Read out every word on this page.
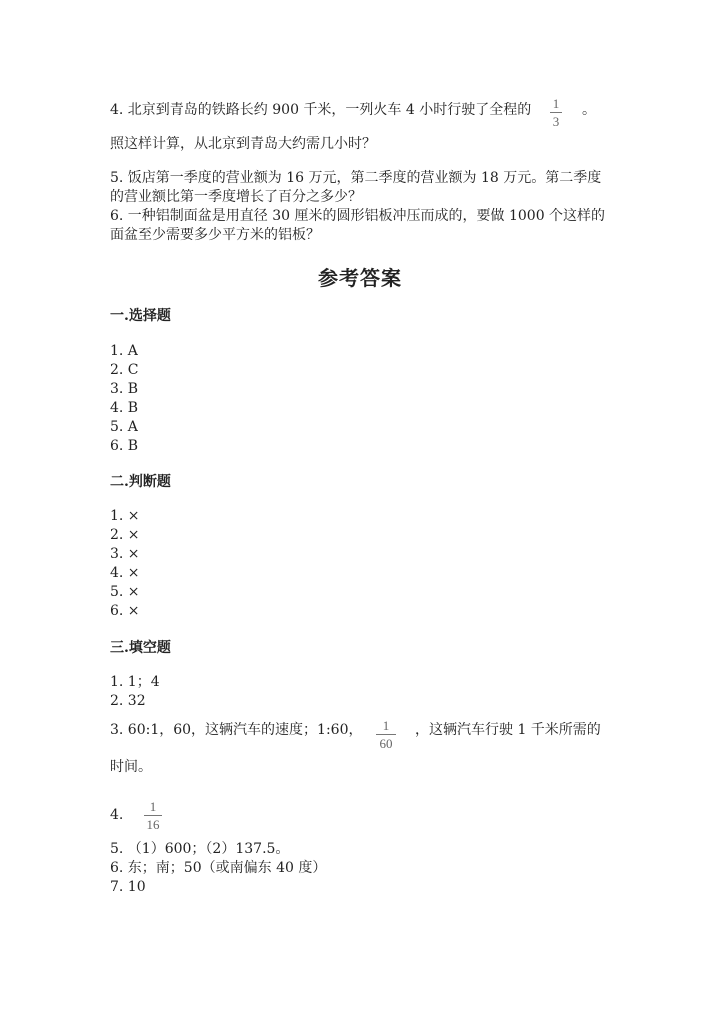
4. 北京到青岛的铁路长约 900 千米，一列火车 4 小时行驶了全程的 1
3
。
照这样计算，从北京到青岛大约需几小时？
5. 饭店第一季度的营业额为 16 万元，第二季度的营业额为 18 万元。第二季度
的营业额比第一季度增长了百分之多少？
6. 一种铝制面盆是用直径 30 厘米的圆形铝板冲压而成的，要做 1000 个这样的
面盆至少需要多少平方米的铝板？
参考答案
一.选择题
1. A
2. C
3. B
4. B
5. A
6. B
二.判断题
1. ×
2. ×
3. ×
4. ×
5. ×
6. ×
三.填空题
1. 1；4
2. 32
3. 60:1，60，这辆汽车的速度；1:60， 1
60
，这辆汽车行驶 1 千米所需的
时间。
4.
1
16
5. （1）600；（2）137.5。
6. 东；南；50（或南偏东 40 度）
7. 10
